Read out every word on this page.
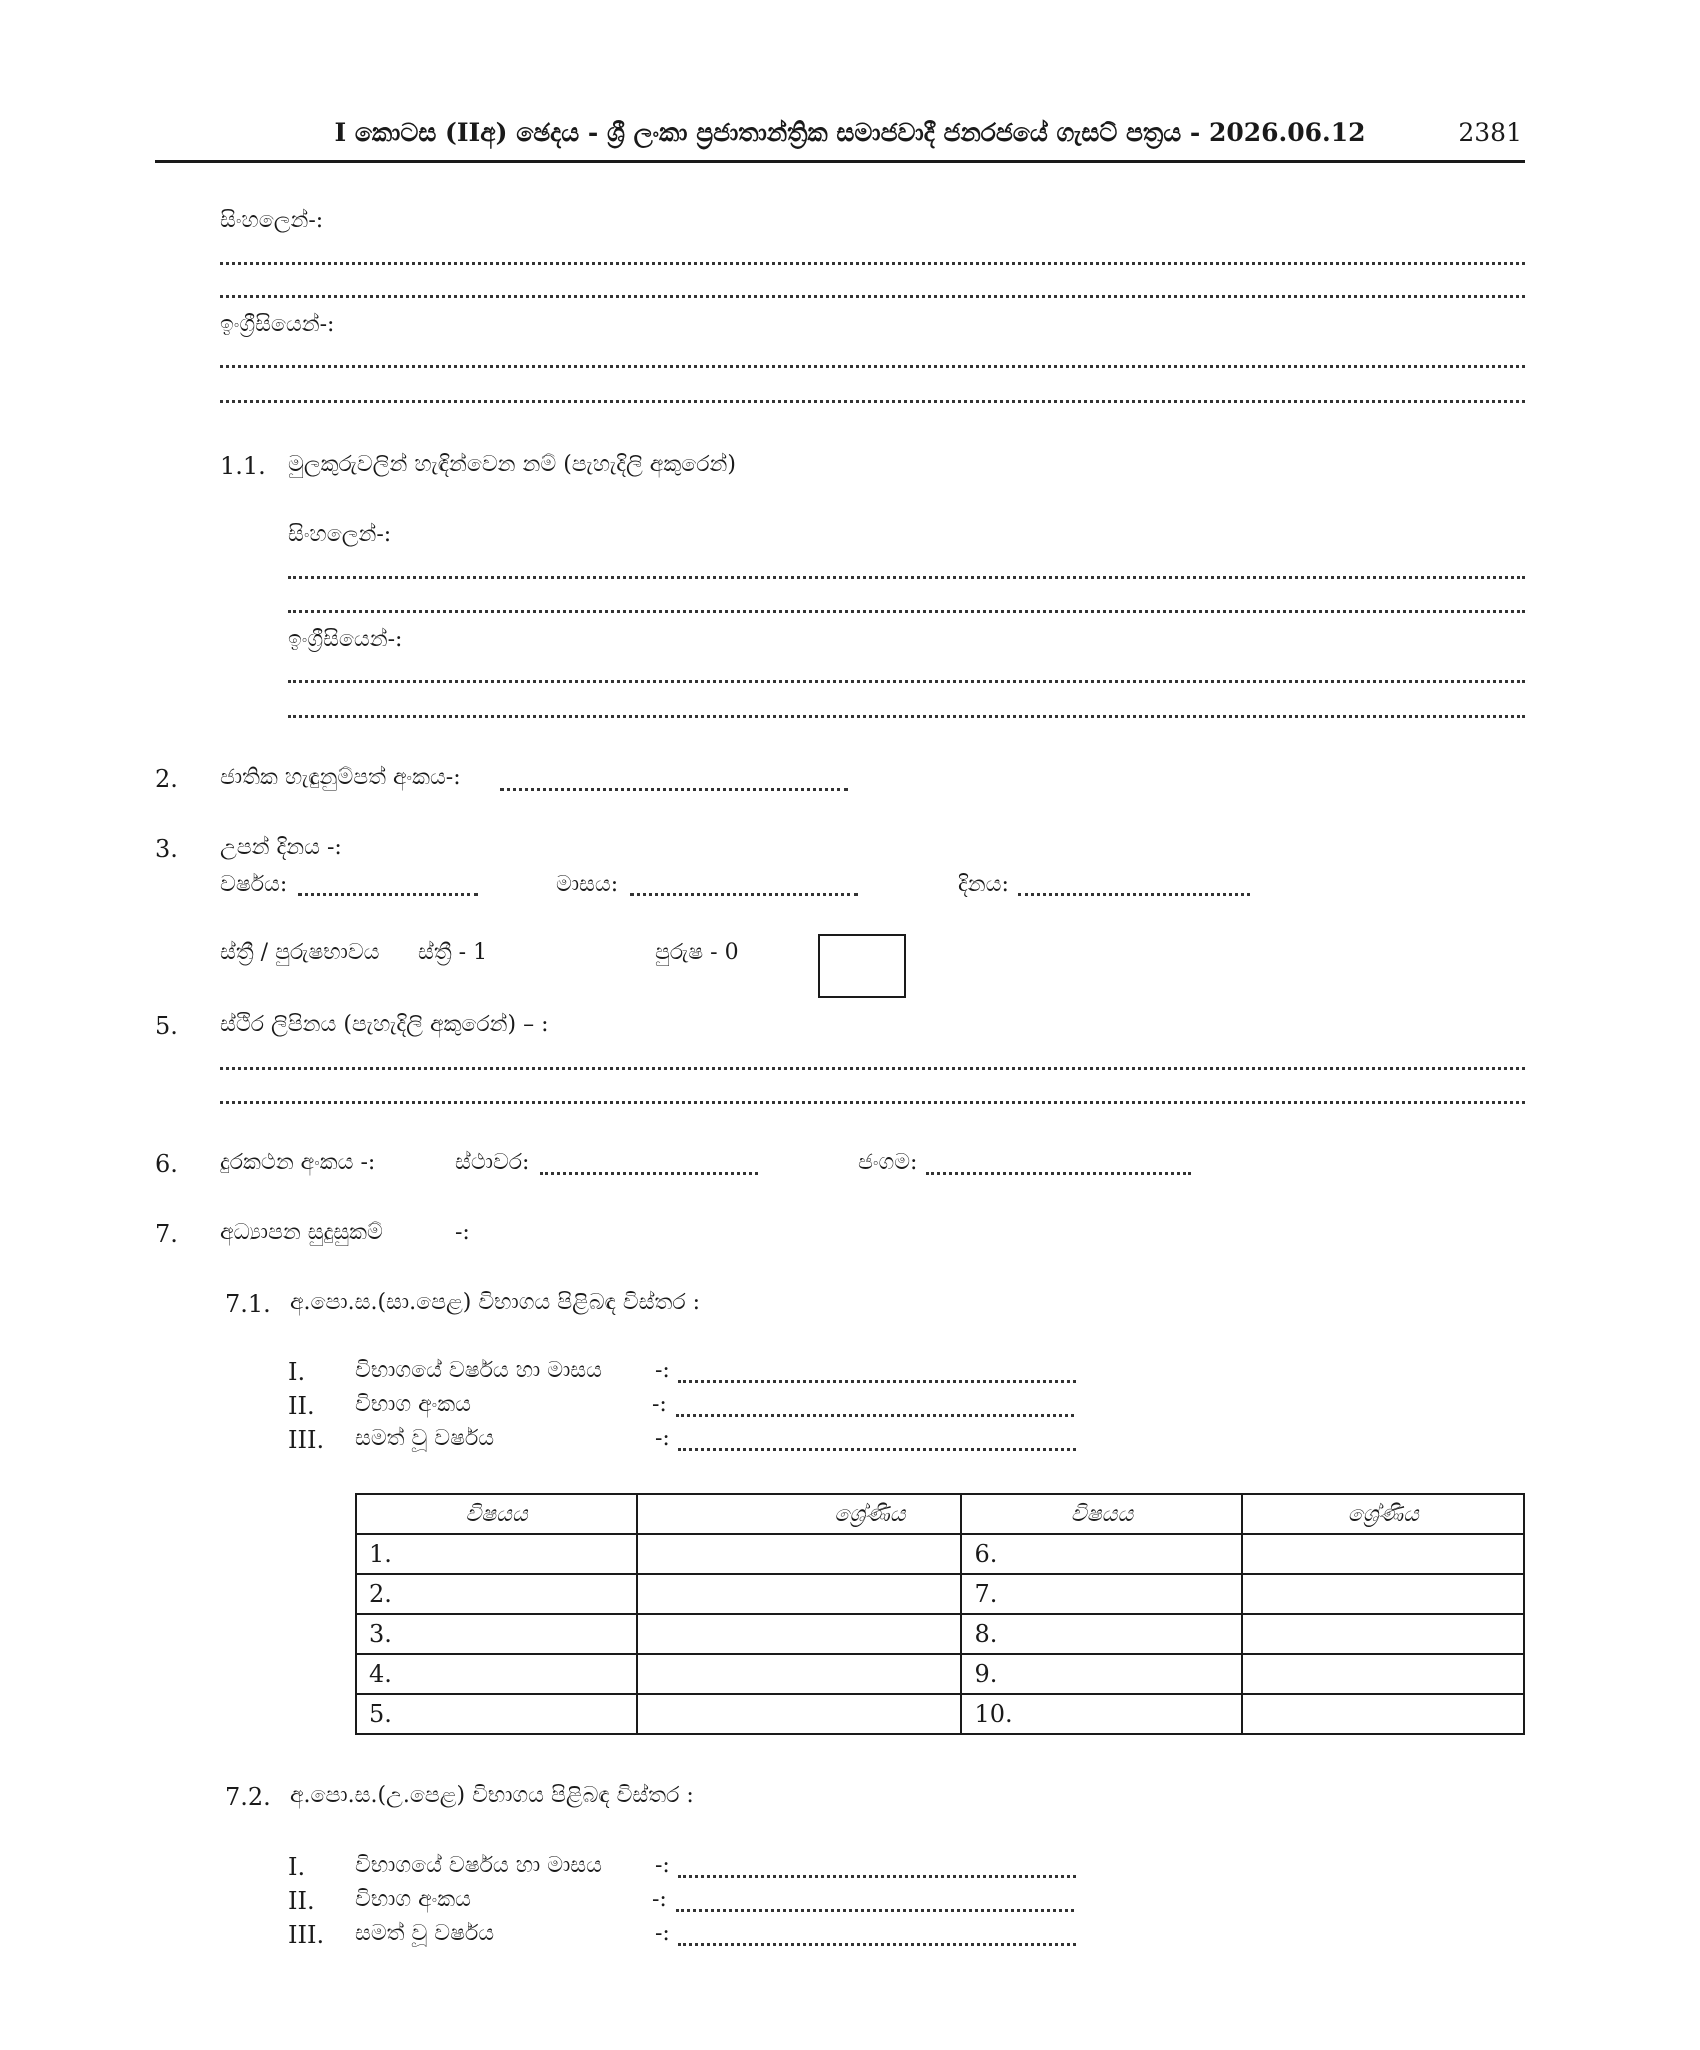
I කොටස (IIඅ) ඡෙදය - ශ්‍රී ලංකා ප්‍රජාතාන්ත්‍රික සමාජවාදී ජනරජයේ ගැසට් පත්‍රය - 2026.06.12	2381
සිංහලෙන්-:
ඉංග්‍රීසියෙන්-:
1.1. මුලකුරුවලින් හැඳින්වෙන නම් (පැහැදිලි අකුරෙන්)
සිංහලෙන්-:
ඉංග්‍රීසියෙන්-:
2. ජාතික හැඳුනුම්පත් අංකය-:
3. උපන් දිනය -:
වර්ෂය:	මාසය:	දිනය:
ස්ත්‍රී / පුරුෂභාවය ස්ත්‍රී - 1	පුරුෂ - 0
5. ස්ථිර ලිපිනය (පැහැදිලි අකුරෙන්) – :
6. දුරකථන අංකය -:	ස්ථාවර:	ජංගම:
7. අධ්‍යාපන සුදුසුකම්	-:
7.1. අ.පො.ස.(සා.පෙළ) විභාගය පිළිබඳ විස්තර :
I. විභාගයේ වර්ෂය හා මාසය -:
II. විභාග අංකය	-:
III. සමත් වූ වර්ෂය	-:
විෂයය	ශ්‍රේණිය	විෂයය	ශ්‍රේණිය
1.		6.	
2.		7.	
3.		8.	
4.		9.	
5.		10.	
7.2. අ.පො.ස.(උ.පෙළ) විභාගය පිළිබඳ විස්තර :
I. විභාගයේ වර්ෂය හා මාසය -:
II. විභාග අංකය	-:
III. සමත් වූ වර්ෂය	-:
